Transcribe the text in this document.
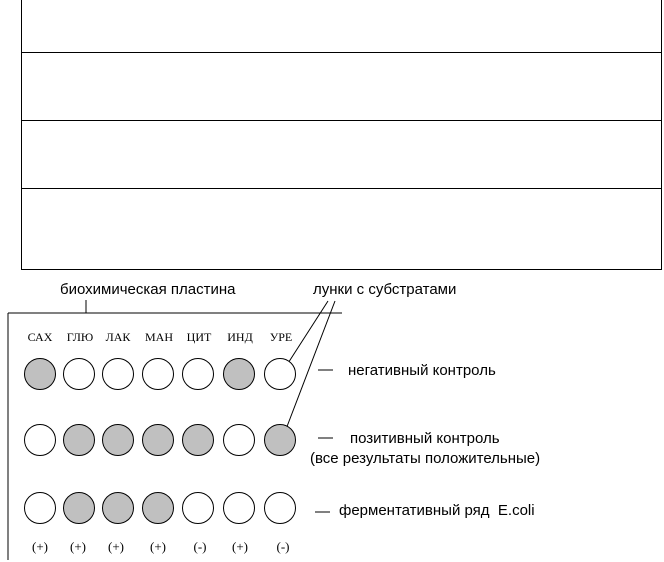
биохимическая пластина	лунки с субстратами
САХ	ГЛЮ	ЛАК	МАН	ЦИТ	ИНД	УРЕ
негативный контроль
позитивный контроль
(все результаты положительные)
ферментативный ряд  E.coli
(+)	(+)	(+)	(+)	(-)	(+)	(-)
